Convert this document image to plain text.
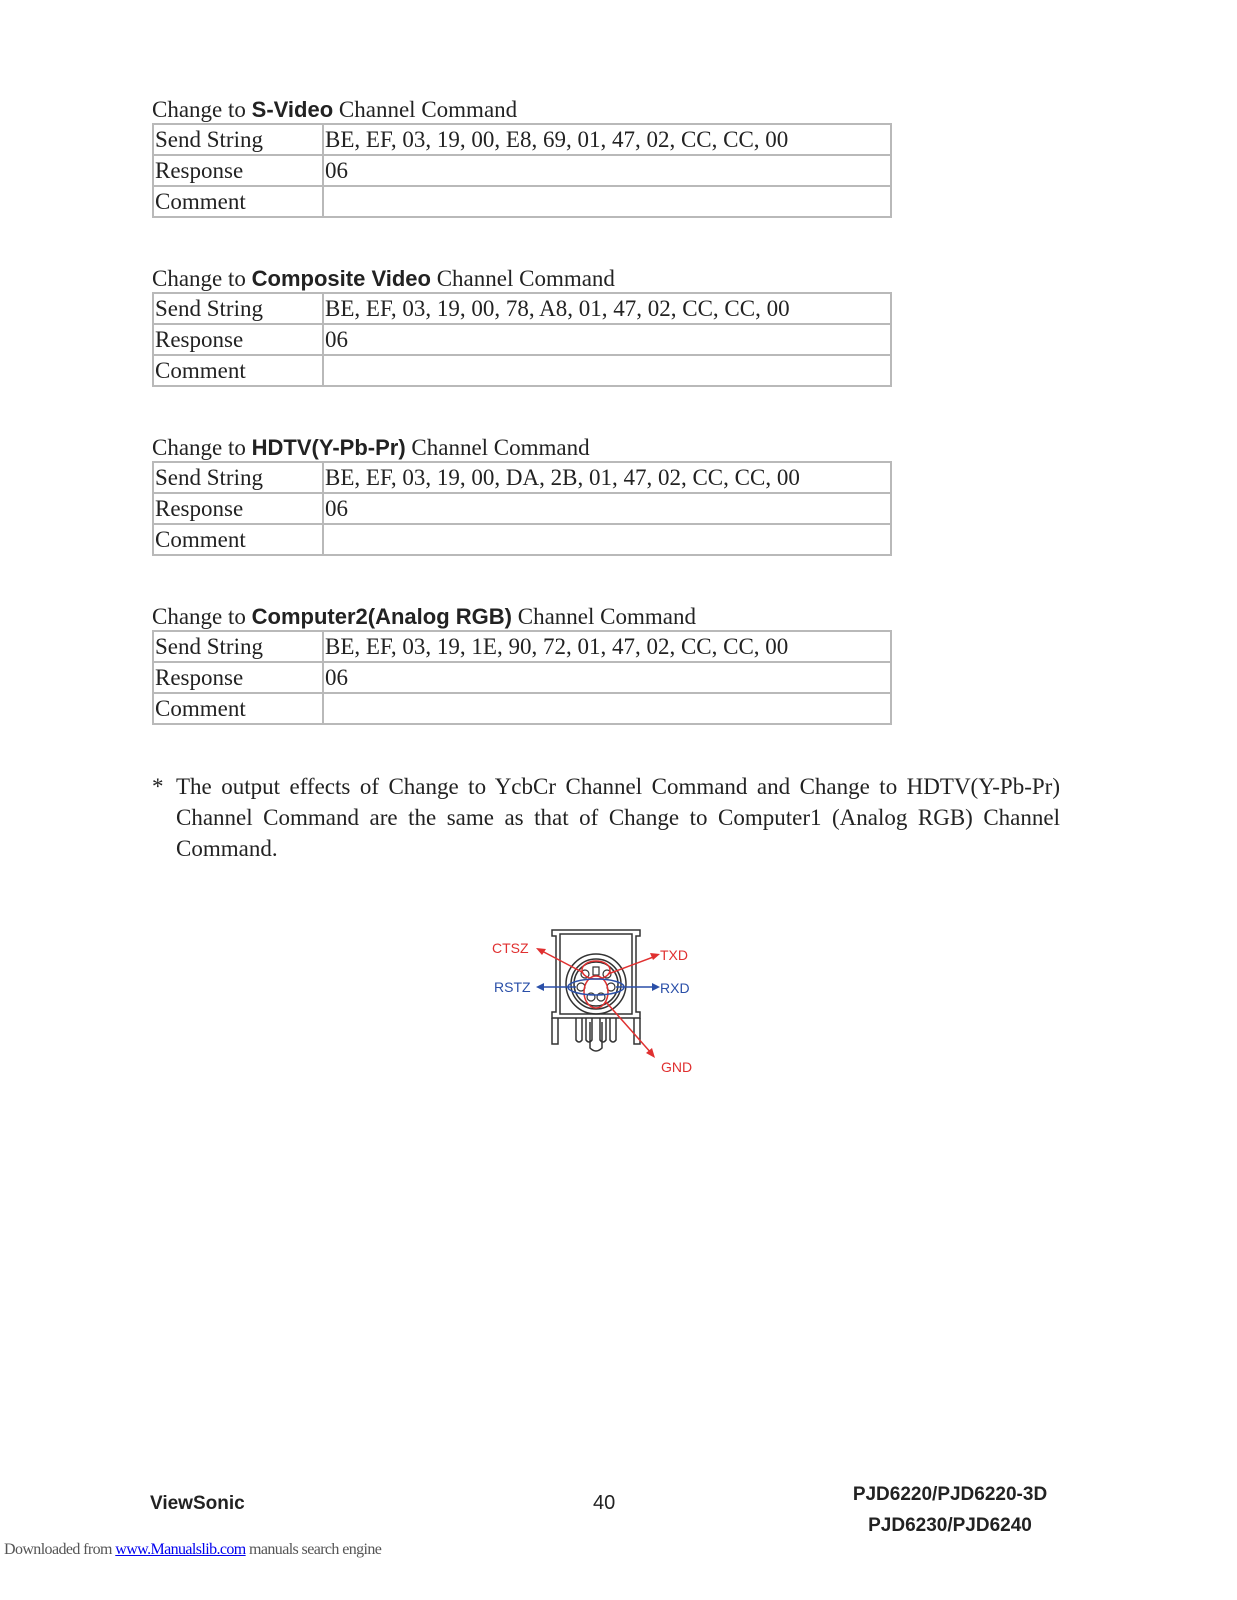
Change to S-Video Channel Command
Send String	BE, EF, 03, 19, 00, E8, 69, 01, 47, 02, CC, CC, 00
Response	06
Comment	
Change to Composite Video Channel Command
Send String	BE, EF, 03, 19, 00, 78, A8, 01, 47, 02, CC, CC, 00
Response	06
Comment	
Change to HDTV(Y-Pb-Pr) Channel Command
Send String	BE, EF, 03, 19, 00, DA, 2B, 01, 47, 02, CC, CC, 00
Response	06
Comment	
Change to Computer2(Analog RGB) Channel Command
Send String	BE, EF, 03, 19, 1E, 90, 72, 01, 47, 02, CC, CC, 00
Response	06
Comment	
* The output effects of Change to YcbCr Channel Command and Change to HDTV(Y-Pb-Pr) Channel Command are the same as that of Change to Computer1 (Analog RGB) Channel Command.
CTSZ	TXD
RSTZ	RXD
GND
ViewSonic	40	PJD6220/PJD6220-3D
PJD6230/PJD6240
Downloaded from www.Manualslib.com manuals search engine
